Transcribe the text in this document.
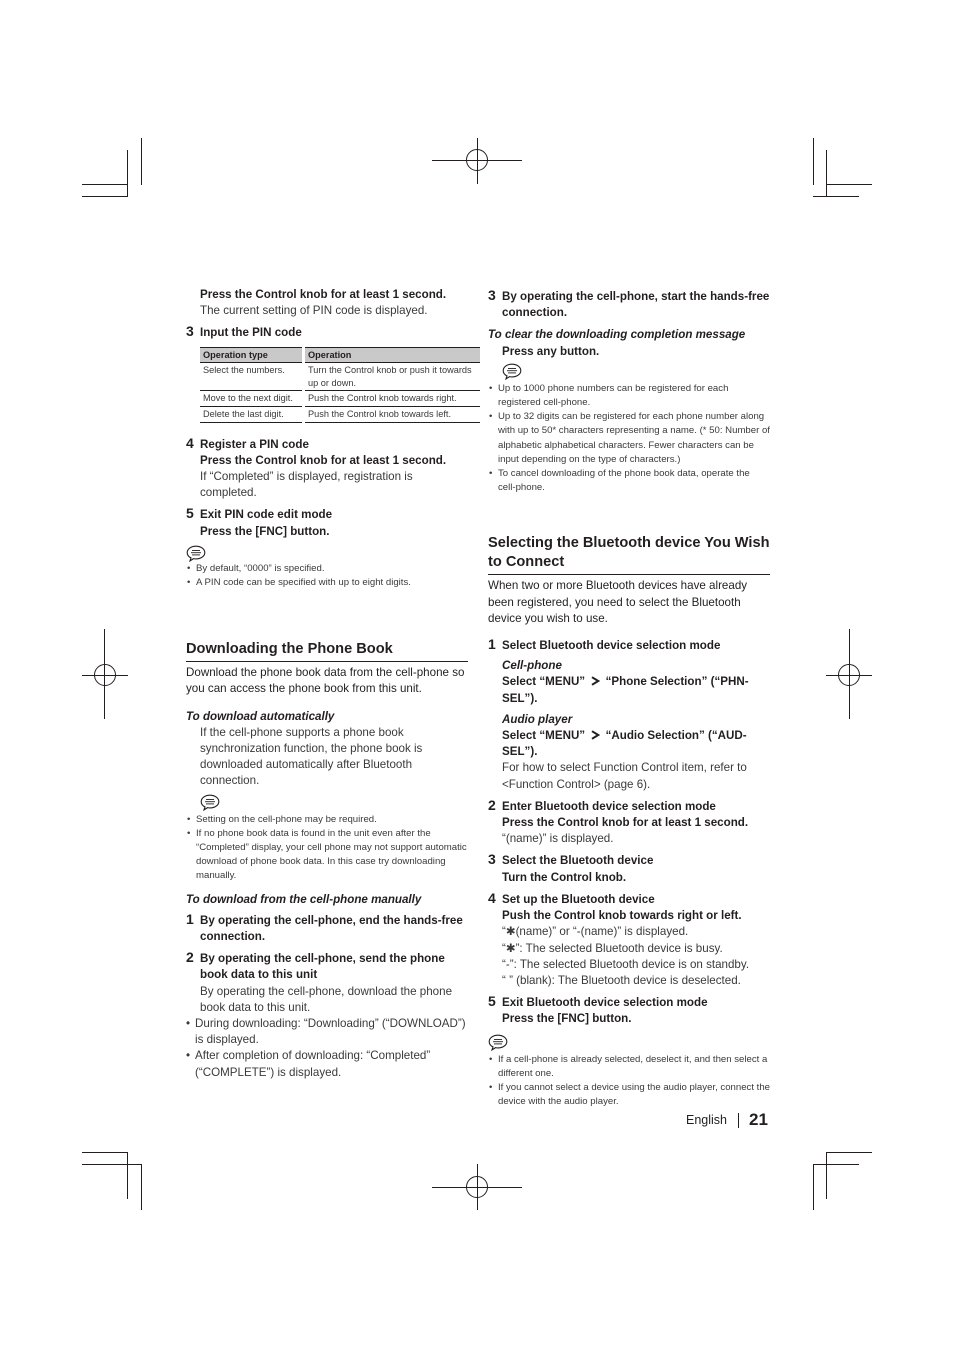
Press the Control knob for at least 1 second.
The current setting of PIN code is displayed.
3 Input the PIN code
Operation type	Operation
Select the numbers.	Turn the Control knob or push it towards up or down.
Move to the next digit.	Push the Control knob towards right.
Delete the last digit.	Push the Control knob towards left.
4 Register a PIN code
Press the Control knob for at least 1 second.
If “Completed” is displayed, registration is completed.
5 Exit PIN code edit mode
Press the [FNC] button.
• By default, “0000” is specified.
• A PIN code can be specified with up to eight digits.
Downloading the Phone Book
Download the phone book data from the cell-phone so you can access the phone book from this unit.
To download automatically
If the cell-phone supports a phone book synchronization function, the phone book is downloaded automatically after Bluetooth connection.
• Setting on the cell-phone may be required.
• If no phone book data is found in the unit even after the “Completed” display, your cell phone may not support automatic download of phone book data. In this case try downloading manually.
To download from the cell-phone manually
1 By operating the cell-phone, end the hands-free connection.
2 By operating the cell-phone, send the phone book data to this unit
By operating the cell-phone, download the phone book data to this unit.
• During downloading: “Downloading” (“DOWNLOAD”) is displayed.
• After completion of downloading: “Completed” (“COMPLETE”) is displayed.
3 By operating the cell-phone, start the hands-free connection.
To clear the downloading completion message
Press any button.
• Up to 1000 phone numbers can be registered for each registered cell-phone.
• Up to 32 digits can be registered for each phone number along with up to 50* characters representing a name. (* 50: Number of alphabetic alphabetical characters. Fewer characters can be input depending on the type of characters.)
• To cancel downloading of the phone book data, operate the cell-phone.
Selecting the Bluetooth device You Wish to Connect
When two or more Bluetooth devices have already been registered, you need to select the Bluetooth device you wish to use.
1 Select Bluetooth device selection mode
Cell-phone
Select “MENU” “Phone Selection” (“PHN-SEL”).
Audio player
Select “MENU” “Audio Selection” (“AUD-SEL”).
For how to select Function Control item, refer to <Function Control> (page 6).
2 Enter Bluetooth device selection mode
Press the Control knob for at least 1 second.
“(name)” is displayed.
3 Select the Bluetooth device
Turn the Control knob.
4 Set up the Bluetooth device
Push the Control knob towards right or left.
“✱(name)” or “-(name)” is displayed.
“✱”: The selected Bluetooth device is busy.
“-”: The selected Bluetooth device is on standby.
“ ” (blank): The Bluetooth device is deselected.
5 Exit Bluetooth device selection mode
Press the [FNC] button.
• If a cell-phone is already selected, deselect it, and then select a different one.
• If you cannot select a device using the audio player, connect the device with the audio player.
English 21
